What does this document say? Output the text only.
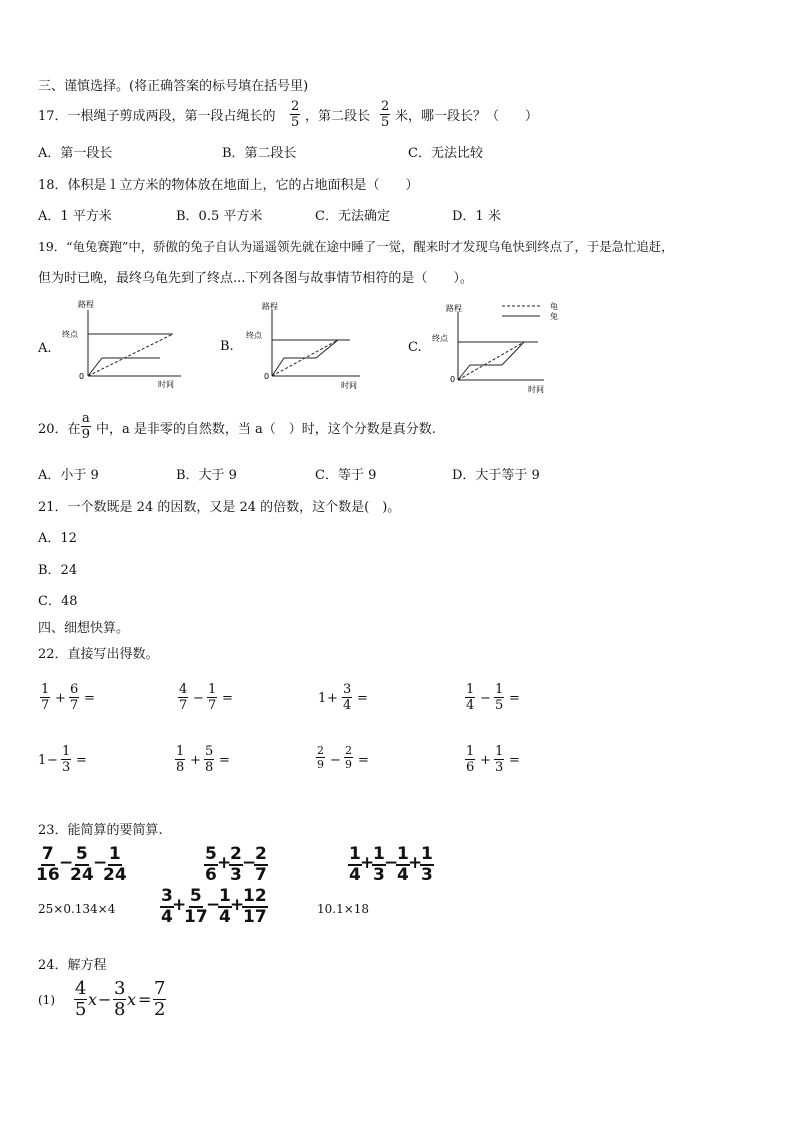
三、谨慎选择。(将正确答案的标号填在括号里)
17．一根绳子剪成两段，第一段占绳长的 $\frac{2}{5}$ ，第二段长 $\frac{2}{5}$ 米，哪一段长？（　　）
A．第一段长	B．第二段长	C．无法比较
18．体积是１立方米的物体放在地面上，它的占地面积是（　　）
A．1 平方米	B．0.5 平方米	C．无法确定	D．1 米
19．“龟兔赛跑”中，骄傲的兔子自认为遥遥领先就在途中睡了一觉，醒来时才发现乌龟快到终点了，于是急忙追赶，
但为时已晚，最终乌龟先到了终点...下列各图与故事情节相符的是（　　）。
A.	B.	C.
路程
终点
0
时间
路程
终点
0
时间
路程
终点
0
时间
龟
兔
20．在 $\frac{a}{9}$ 中，a 是非零的自然数，当 a（　）时，这个分数是真分数.
A．小于 9	B．大于 9	C．等于 9	D．大于等于 9
21．一个数既是 24 的因数，又是 24 的倍数，这个数是(　)。
A．12
B．24
C．48
四、细想快算。
22．直接写出得数。
$\frac{1}{7} + \frac{6}{7}$ =	$\frac{4}{7} - \frac{1}{7}$ =	$1 + \frac{3}{4}$ =	$\frac{1}{4} - \frac{1}{5}$ =
$1 - \frac{1}{3}$ =	$\frac{1}{8} + \frac{5}{8}$ =	$\frac{2}{9} - \frac{2}{9}$ =	$\frac{1}{6} + \frac{1}{3}$ =
23．能简算的要简算.
$\frac{7}{16}$ −
$\frac{5}{24}$ −
$\frac{1}{24}$	$\frac{5}{6}$ +
$\frac{2}{3}$ −
$\frac{2}{7}$	$\frac{1}{4}$
+
$\frac{1}{3}$
−
$\frac{1}{4}$
+
$\frac{1}{3}$
25×0.134×4	$\frac{3}{4}$
+
$\frac{5}{17}$
−
$\frac{1}{4}$
+
$\frac{12}{17}$	10.1×18
24．解方程
$(1) \frac{4}{5}$ $x - \frac{3}{8}$ $x = \frac{7}{2}$
